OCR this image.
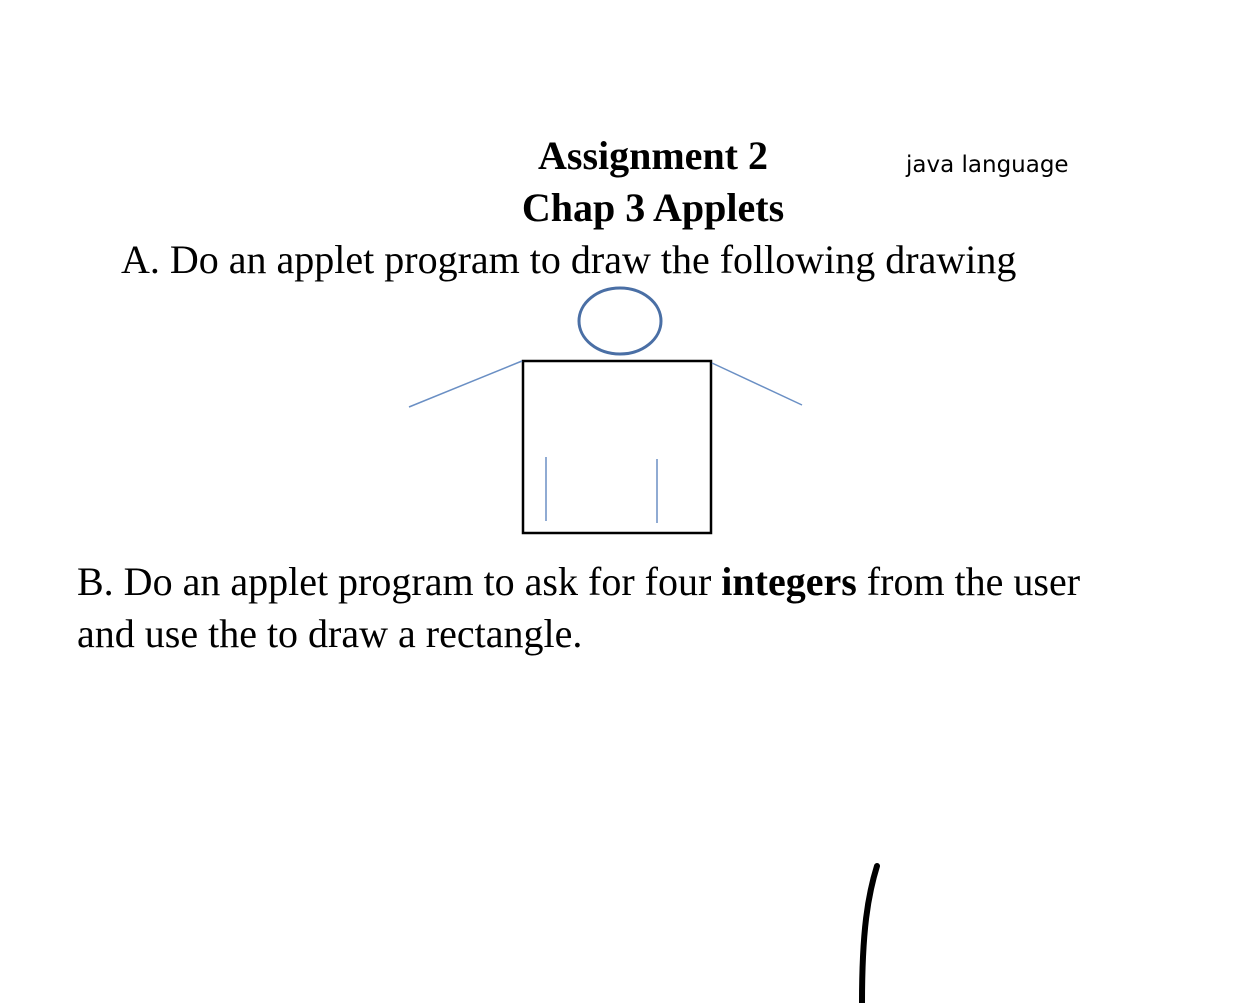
Assignment 2
Chap 3 Applets
java language
A. Do an applet program to draw the following drawing
B. Do an applet program to ask for four integers from the user
and use the to draw a rectangle.
